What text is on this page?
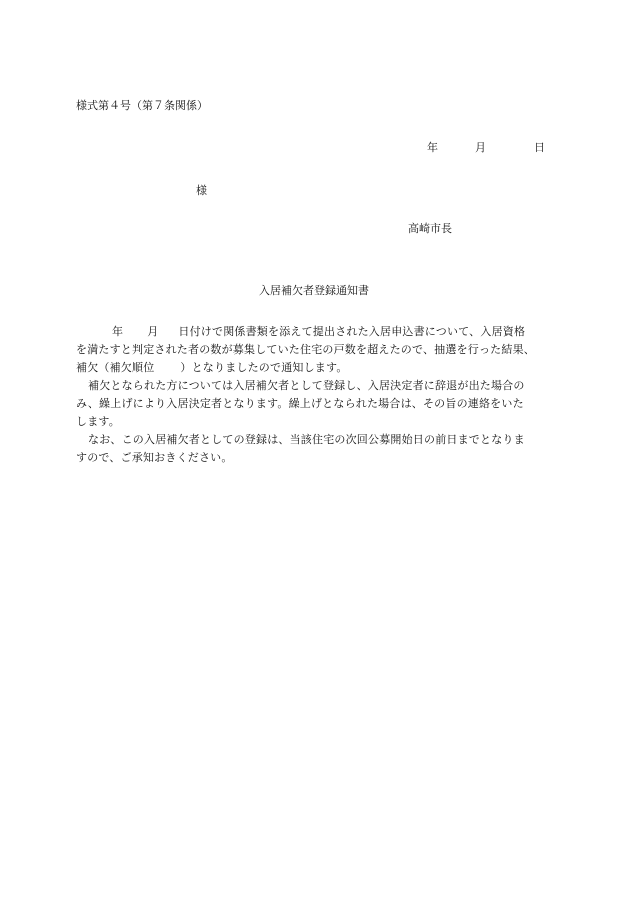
様式第４号（第７条関係）
年	月	日
様
高崎市長
入居補欠者登録通知書

年 月 日付けで関係書類を添えて提出された入居申込書について、入居資格
を満たすと判定された者の数が募集していた住宅の戸数を超えたので、抽選を行った結果、
補欠（補欠順位 ）となりましたので通知します。

補欠となられた方については入居補欠者として登録し、入居決定者に辞退が出た場合の
み、繰上げにより入居決定者となります。繰上げとなられた場合は、その旨の連絡をいた
します。

なお、この入居補欠者としての登録は、当該住宅の次回公募開始日の前日までとなりま
すので、ご承知おきください。
